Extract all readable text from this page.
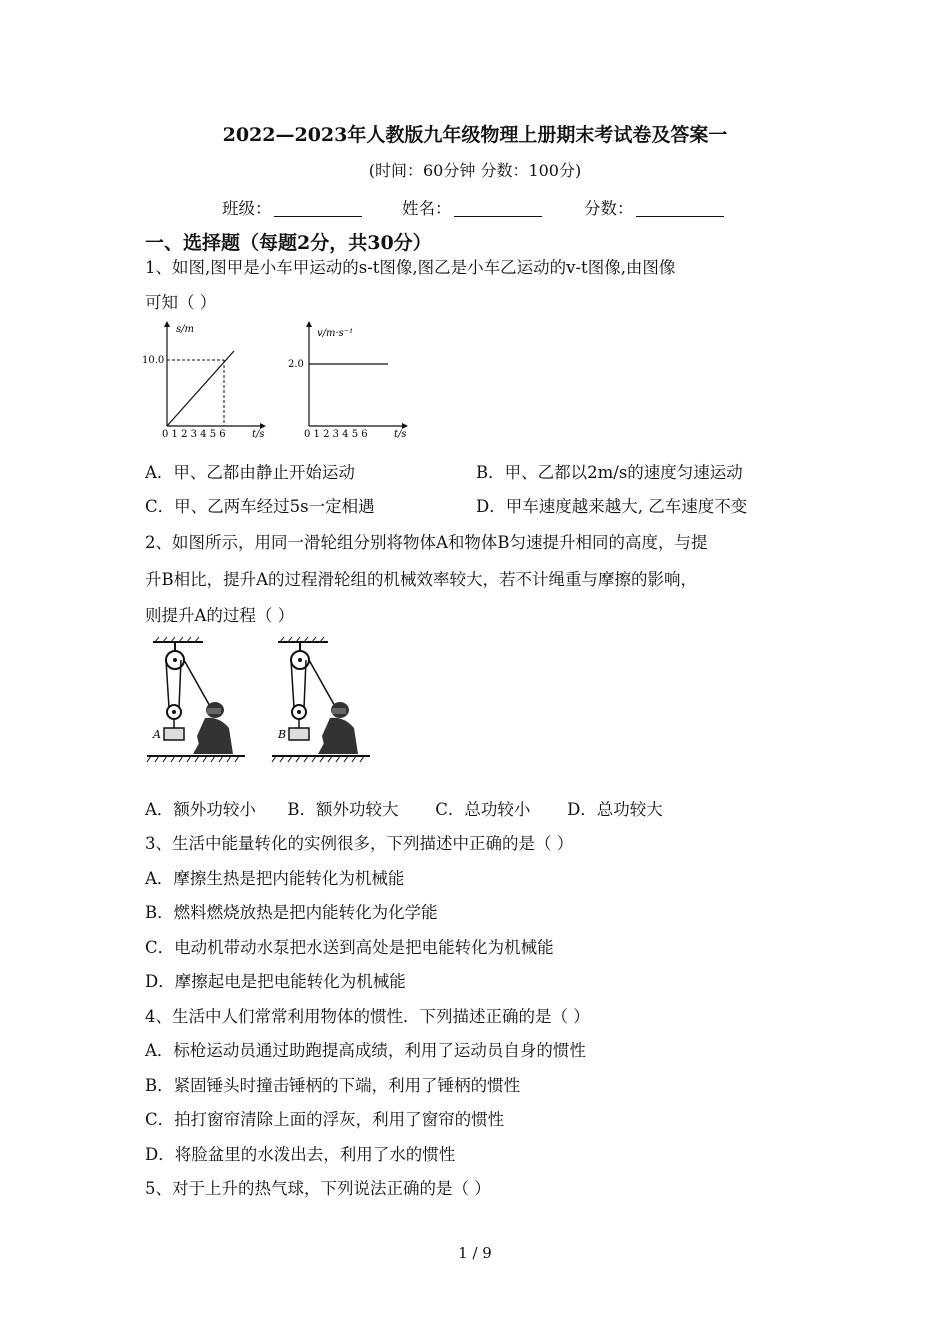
2022—2023年人教版九年级物理上册期末考试卷及答案一
(时间：60分钟 分数：100分)
班级：	姓名：	分数：
一、选择题（每题2分，共30分）
1、如图,图甲是小车甲运动的s-t图像,图乙是小车乙运动的v-t图像,由图像
可知（ ）
s/m
10.0
0 1 2 3 4 5 6	t/s
v/m·s⁻¹
2.0
0 1 2 3 4 5 6	t/s
A．甲、乙都由静止开始运动	B．甲、乙都以2m/s的速度匀速运动
C．甲、乙两车经过5s一定相遇	D．甲车速度越来越大, 乙车速度不变
2、如图所示，用同一滑轮组分别将物体A和物体B匀速提升相同的高度，与提
升B相比，提升A的过程滑轮组的机械效率较大，若不计绳重与摩擦的影响，
则提升A的过程（ ）
A	B
A．额外功较小      B．额外功较大       C．总功较小       D．总功较大
3、生活中能量转化的实例很多，下列描述中正确的是（ ）
A．摩擦生热是把内能转化为机械能
B．燃料燃烧放热是把内能转化为化学能
C．电动机带动水泵把水送到高处是把电能转化为机械能
D．摩擦起电是把电能转化为机械能
4、生活中人们常常利用物体的惯性．下列描述正确的是（ ）
A．标枪运动员通过助跑提高成绩，利用了运动员自身的惯性
B．紧固锤头时撞击锤柄的下端，利用了锤柄的惯性
C．拍打窗帘清除上面的浮灰，利用了窗帘的惯性
D．将脸盆里的水泼出去，利用了水的惯性
5、对于上升的热气球，下列说法正确的是（ ）
1 / 9
